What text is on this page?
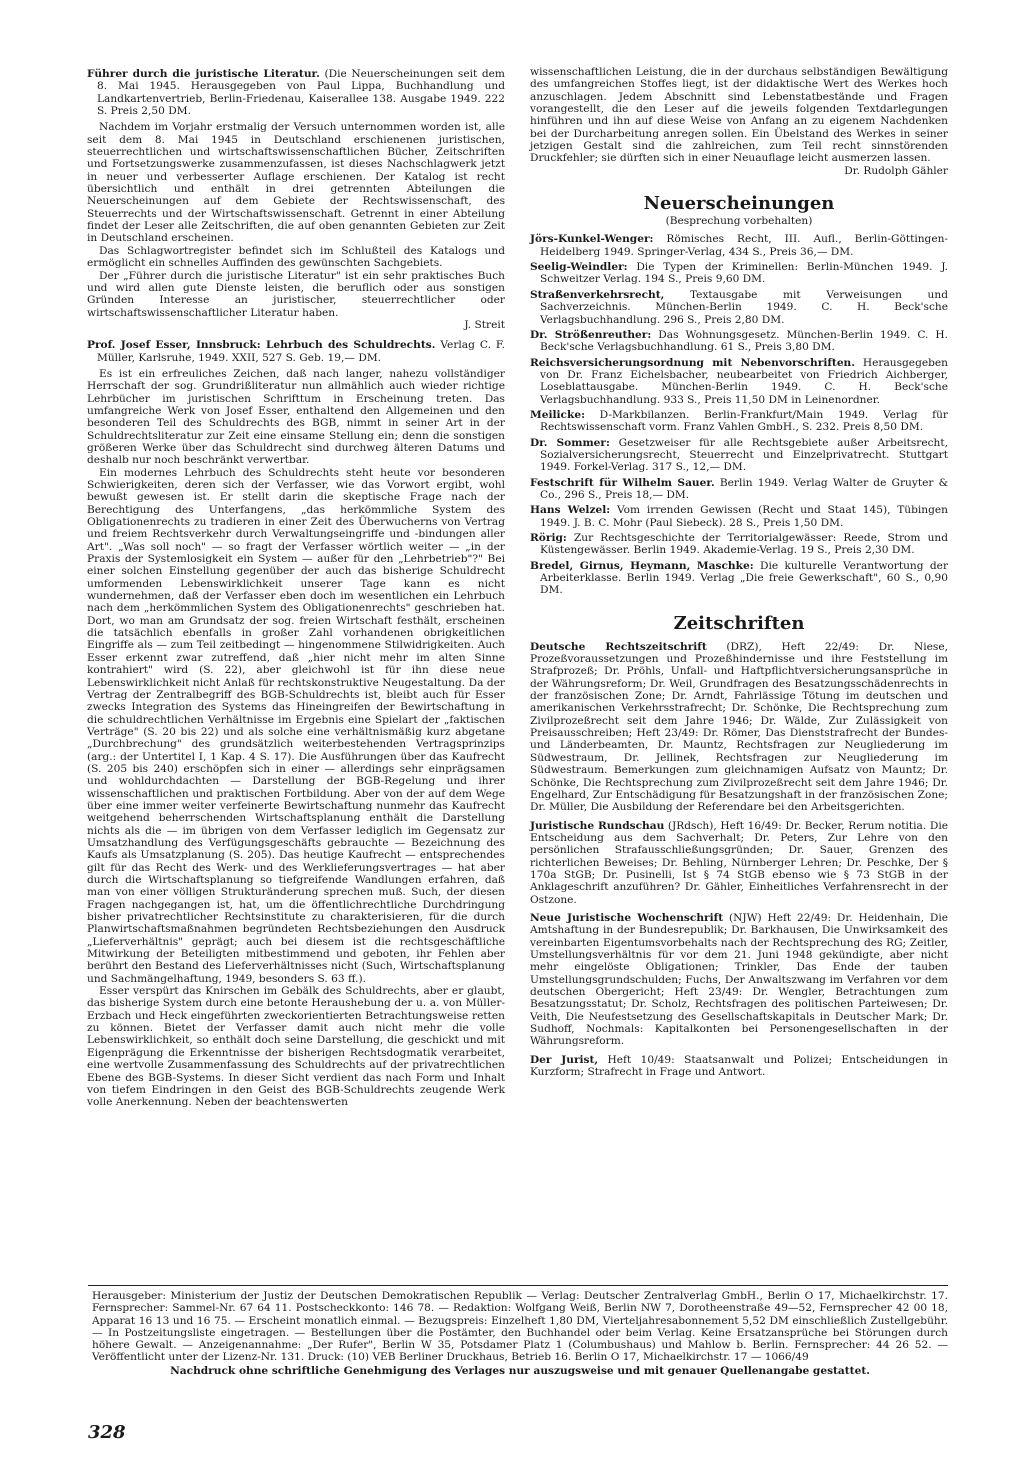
Führer durch die juristische Literatur. (Die Neuerscheinungen seit dem 8. Mai 1945. Herausgegeben von Paul Lippa, Buchhandlung und Landkartenvertrieb, Berlin-Friedenau, Kaiserallee 138. Ausgabe 1949. 222 S. Preis 2,50 DM.

Nachdem im Vorjahr erstmalig der Versuch unternommen worden ist, alle seit dem 8. Mai 1945 in Deutschland erschienenen juristischen, steuerrechtlichen und wirtschaftswissenschaftlichen Bücher, Zeitschriften und Fortsetzungswerke zusammenzufassen, ist dieses Nachschlagwerk jetzt in neuer und verbesserter Auflage erschienen. Der Katalog ist recht übersichtlich und enthält in drei getrennten Abteilungen die Neuerscheinungen auf dem Gebiete der Rechtswissenschaft, des Steuerrechts und der Wirtschaftswissenschaft. Getrennt in einer Abteilung findet der Leser alle Zeitschriften, die auf oben genannten Gebieten zur Zeit in Deutschland erscheinen.

Das Schlagwortregister befindet sich im Schlußteil des Katalogs und ermöglicht ein schnelles Auffinden des gewünschten Sachgebiets.

Der „Führer durch die juristische Literatur" ist ein sehr praktisches Buch und wird allen gute Dienste leisten, die beruflich oder aus sonstigen Gründen Interesse an juristischer, steuerrechtlicher oder wirtschaftswissenschaftlicher Literatur haben.

J. Streit

Prof. Josef Esser, Innsbruck: Lehrbuch des Schuldrechts. Verlag C. F. Müller, Karlsruhe, 1949. XXII, 527 S. Geb. 19,— DM.

Es ist ein erfreuliches Zeichen, daß nach langer, nahezu vollständiger Herrschaft der sog. Grundrißliteratur nun allmählich auch wieder richtige Lehrbücher im juristischen Schrifttum in Erscheinung treten. Das umfangreiche Werk von Josef Esser, enthaltend den Allgemeinen und den besonderen Teil des Schuldrechts des BGB, nimmt in seiner Art in der Schuldrechtsliteratur zur Zeit eine einsame Stellung ein; denn die sonstigen größeren Werke über das Schuldrecht sind durchweg älteren Datums und deshalb nur noch beschränkt verwertbar.

Ein modernes Lehrbuch des Schuldrechts steht heute vor besonderen Schwierigkeiten, deren sich der Verfasser, wie das Vorwort ergibt, wohl bewußt gewesen ist. Er stellt darin die skeptische Frage nach der Berechtigung des Unterfangens, „das herkömmliche System des Obligationenrechts zu tradieren in einer Zeit des Überwucherns von Vertrag und freiem Rechtsverkehr durch Verwaltungseingriffe und -bindungen aller Art". „Was soll noch" — so fragt der Verfasser wörtlich weiter — „in der Praxis der Systemlosigkeit ein System — außer für den „Lehrbetrieb"?" Bei einer solchen Einstellung gegenüber der auch das bisherige Schuldrecht umformenden Lebenswirklichkeit unserer Tage kann es nicht wundernehmen, daß der Verfasser eben doch im wesentlichen ein Lehrbuch nach dem „herkömmlichen System des Obligationenrechts" geschrieben hat. Dort, wo man am Grundsatz der sog. freien Wirtschaft festhält, erscheinen die tatsächlich ebenfalls in großer Zahl vorhandenen obrigkeitlichen Eingriffe als — zum Teil zeitbedingt — hingenommene Stilwidrigkeiten. Auch Esser erkennt zwar zutreffend, daß „hier nicht mehr im alten Sinne kontrahiert" wird (S. 22), aber gleichwohl ist für ihn diese neue Lebenswirklichkeit nicht Anlaß für rechtskonstruktive Neugestaltung. Da der Vertrag der Zentralbegriff des BGB-Schuldrechts ist, bleibt auch für Esser zwecks Integration des Systems das Hineingreifen der Bewirtschaftung in die schuldrechtlichen Verhältnisse im Ergebnis eine Spielart der „faktischen Verträge" (S. 20 bis 22) und als solche eine verhältnismäßig kurz abgetane „Durchbrechung" des grundsätzlich weiterbestehenden Vertragsprinzips (arg.: der Untertitel I, 1 Kap. 4 S. 17). Die Ausführungen über das Kaufrecht (S. 205 bis 240) erschöpfen sich in einer — allerdings sehr einprägsamen und wohldurchdachten — Darstellung der BGB-Regelung und ihrer wissenschaftlichen und praktischen Fortbildung. Aber von der auf dem Wege über eine immer weiter verfeinerte Bewirtschaftung nunmehr das Kaufrecht weitgehend beherrschenden Wirtschaftsplanung enthält die Darstellung nichts als die — im übrigen von dem Verfasser lediglich im Gegensatz zur Umsatzhandlung des Verfügungsgeschäfts gebrauchte — Bezeichnung des Kaufs als Umsatzplanung (S. 205). Das heutige Kaufrecht — entsprechendes gilt für das Recht des Werk- und des Werklieferungsvertrages — hat aber durch die Wirtschaftsplanung so tiefgreifende Wandlungen erfahren, daß man von einer völligen Strukturänderung sprechen muß. Such, der diesen Fragen nachgegangen ist, hat, um die öffentlichrechtliche Durchdringung bisher privatrechtlicher Rechtsinstitute zu charakterisieren, für die durch Planwirtschaftsmaßnahmen begründeten Rechtsbeziehungen den Ausdruck „Lieferverhältnis" geprägt; auch bei diesem ist die rechtsgeschäftliche Mitwirkung der Beteiligten mitbestimmend und geboten, ihr Fehlen aber berührt den Bestand des Lieferverhältnisses nicht (Such, Wirtschaftsplanung und Sachmängelhaftung, 1949, besonders S. 63 ff.).

Esser verspürt das Knirschen im Gebälk des Schuldrechts, aber er glaubt, das bisherige System durch eine betonte Heraushebung der u. a. von Müller-Erzbach und Heck eingeführten zweckorientierten Betrachtungsweise retten zu können. Bietet der Verfasser damit auch nicht mehr die volle Lebenswirklichkeit, so enthält doch seine Darstellung, die geschickt und mit Eigenprägung die Erkenntnisse der bisherigen Rechtsdogmatik verarbeitet, eine wertvolle Zusammenfassung des Schuldrechts auf der privatrechtlichen Ebene des BGB-Systems. In dieser Sicht verdient das nach Form und Inhalt von tiefem Eindringen in den Geist des BGB-Schuldrechts zeugende Werk volle Anerkennung. Neben der beachtenswerten

wissenschaftlichen Leistung, die in der durchaus selbständigen Bewältigung des umfangreichen Stoffes liegt, ist der didaktische Wert des Werkes hoch anzuschlagen. Jedem Abschnitt sind Lebenstatbestände und Fragen vorangestellt, die den Leser auf die jeweils folgenden Textdarlegungen hinführen und ihn auf diese Weise von Anfang an zu eigenem Nachdenken bei der Durcharbeitung anregen sollen. Ein Übelstand des Werkes in seiner jetzigen Gestalt sind die zahlreichen, zum Teil recht sinnstörenden Druckfehler; sie dürften sich in einer Neuauflage leicht ausmerzen lassen.

Dr. Rudolph Gähler

Neuerscheinungen

(Besprechung vorbehalten)

Jörs-Kunkel-Wenger: Römisches Recht, III. Aufl., Berlin-Göttingen-Heidelberg 1949. Springer-Verlag, 434 S., Preis 36,— DM.

Seelig-Weindler: Die Typen der Kriminellen: Berlin-München 1949. J. Schweitzer Verlag. 194 S., Preis 9,60 DM.

Straßenverkehrsrecht, Textausgabe mit Verweisungen und Sachverzeichnis. München-Berlin 1949. C. H. Beck'sche Verlagsbuchhandlung. 296 S., Preis 2,80 DM.

Dr. Strößenreuther: Das Wohnungsgesetz. München-Berlin 1949. C. H. Beck'sche Verlagsbuchhandlung. 61 S., Preis 3,80 DM.

Reichsversicherungsordnung mit Nebenvorschriften. Herausgegeben von Dr. Franz Eichelsbacher, neubearbeitet von Friedrich Aichberger, Loseblattausgabe. München-Berlin 1949. C. H. Beck'sche Verlagsbuchhandlung. 933 S., Preis 11,50 DM in Leinenordner.

Meilicke: D-Markbilanzen. Berlin-Frankfurt/Main 1949. Verlag für Rechtswissenschaft vorm. Franz Vahlen GmbH., S. 232. Preis 8,50 DM.

Dr. Sommer: Gesetzweiser für alle Rechtsgebiete außer Arbeitsrecht, Sozialversicherungsrecht, Steuerrecht und Einzelprivatrecht. Stuttgart 1949. Forkel-Verlag. 317 S., 12,— DM.

Festschrift für Wilhelm Sauer. Berlin 1949. Verlag Walter de Gruyter & Co., 296 S., Preis 18,— DM.

Hans Welzel: Vom irrenden Gewissen (Recht und Staat 145), Tübingen 1949. J. B. C. Mohr (Paul Siebeck). 28 S., Preis 1,50 DM.

Rörig: Zur Rechtsgeschichte der Territorialgewässer: Reede, Strom und Küstengewässer. Berlin 1949. Akademie-Verlag. 19 S., Preis 2,30 DM.

Bredel, Girnus, Heymann, Maschke: Die kulturelle Verantwortung der Arbeiterklasse. Berlin 1949. Verlag „Die freie Gewerkschaft", 60 S., 0,90 DM.

Zeitschriften

Deutsche Rechtszeitschrift (DRZ), Heft 22/49: Dr. Niese, Prozeßvoraussetzungen und Prozeßhindernisse und ihre Feststellung im Strafprozeß; Dr. Pröhls, Unfall- und Haftpflichtversicherungsansprüche in der Währungsreform; Dr. Weil, Grundfragen des Besatzungsschädenrechts in der französischen Zone; Dr. Arndt, Fahrlässige Tötung im deutschen und amerikanischen Verkehrsstrafrecht; Dr. Schönke, Die Rechtsprechung zum Zivilprozeßrecht seit dem Jahre 1946; Dr. Wälde, Zur Zulässigkeit von Preisausschreiben; Heft 23/49: Dr. Römer, Das Dienststrafrecht der Bundes- und Länderbeamten, Dr. Mauntz, Rechtsfragen zur Neugliederung im Südwestraum, Dr. Jellinek, Rechtsfragen zur Neugliederung im Südwestraum. Bemerkungen zum gleichnamigen Aufsatz von Mauntz; Dr. Schönke, Die Rechtsprechung zum Zivilprozeßrecht seit dem Jahre 1946; Dr. Engelhard, Zur Entschädigung für Besatzungshaft in der französischen Zone; Dr. Müller, Die Ausbildung der Referendare bei den Arbeitsgerichten.

Juristische Rundschau (JRdsch), Heft 16/49: Dr. Becker, Rerum notitia. Die Entscheidung aus dem Sachverhalt; Dr. Peters, Zur Lehre von den persönlichen Strafausschließungsgründen; Dr. Sauer, Grenzen des richterlichen Beweises; Dr. Behling, Nürnberger Lehren; Dr. Peschke, Der § 170a StGB; Dr. Pusinelli, Ist § 74 StGB ebenso wie § 73 StGB in der Anklageschrift anzuführen? Dr. Gähler, Einheitliches Verfahrensrecht in der Ostzone.

Neue Juristische Wochenschrift (NJW) Heft 22/49: Dr. Heidenhain, Die Amtshaftung in der Bundesrepublik; Dr. Barkhausen, Die Unwirksamkeit des vereinbarten Eigentumsvorbehalts nach der Rechtsprechung des RG; Zeitler, Umstellungsverhältnis für vor dem 21. Juni 1948 gekündigte, aber nicht mehr eingelöste Obligationen; Trinkler, Das Ende der tauben Umstellungsgrundschulden; Fuchs, Der Anwaltszwang im Verfahren vor dem deutschen Obergericht; Heft 23/49: Dr. Wengler, Betrachtungen zum Besatzungsstatut; Dr. Scholz, Rechtsfragen des politischen Parteiwesen; Dr. Veith, Die Neufestsetzung des Gesellschaftskapitals in Deutscher Mark; Dr. Sudhoff, Nochmals: Kapitalkonten bei Personengesellschaften in der Währungsreform.

Der Jurist, Heft 10/49: Staatsanwalt und Polizei; Entscheidungen in Kurzform; Strafrecht in Frage und Antwort.

Herausgeber: Ministerium der Justiz der Deutschen Demokratischen Republik — Verlag: Deutscher Zentralverlag GmbH., Berlin O 17, Michaelkirchstr. 17. Fernsprecher: Sammel-Nr. 67 64 11. Postscheckkonto: 146 78. — Redaktion: Wolfgang Weiß, Berlin NW 7, Dorotheenstraße 49—52, Fernsprecher 42 00 18, Apparat 16 13 und 16 75. — Erscheint monatlich einmal. — Bezugspreis: Einzelheft 1,80 DM, Vierteljahresabonnement 5,52 DM einschließlich Zustellgebühr. — In Postzeitungsliste eingetragen. — Bestellungen über die Postämter, den Buchhandel oder beim Verlag. Keine Ersatzansprüche bei Störungen durch höhere Gewalt. — Anzeigenannahme: „Der Rufer", Berlin W 35, Potsdamer Platz 1 (Columbushaus) und Mahlow b. Berlin. Fernsprecher: 44 26 52. — Veröffentlicht unter der Lizenz-Nr. 131. Druck: (10) VEB Berliner Druckhaus, Betrieb 16. Berlin O 17, Michaelkirchstr. 17 — 1066/49

Nachdruck ohne schriftliche Genehmigung des Verlages nur auszugsweise und mit genauer Quellenangabe gestattet.

328
